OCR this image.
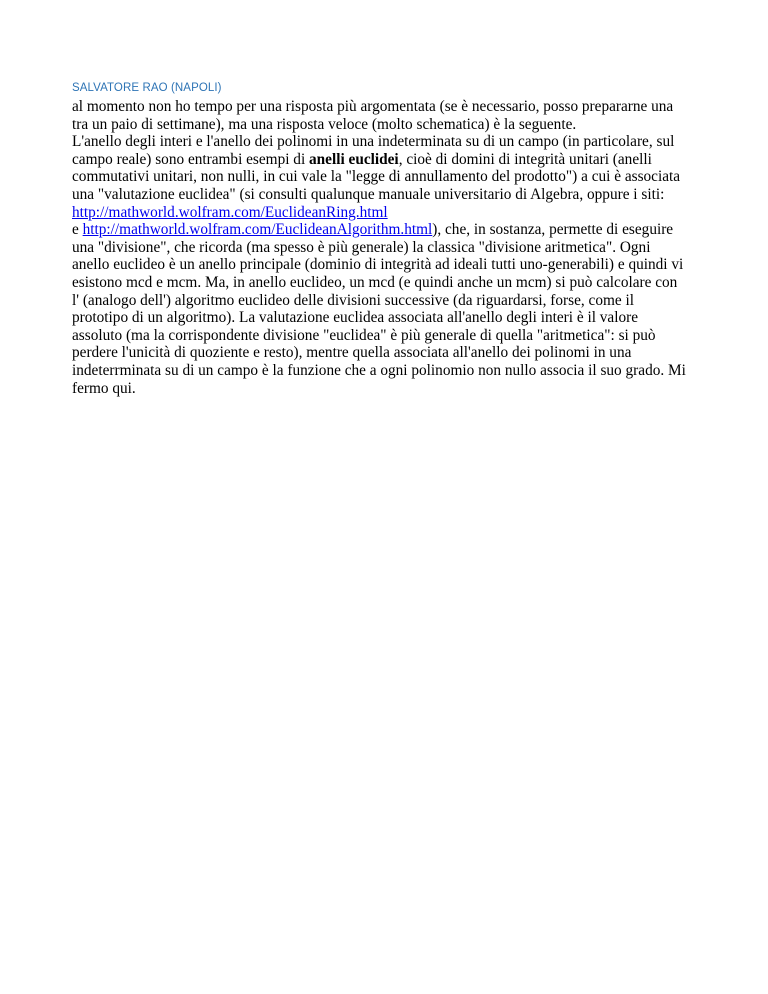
SALVATORE RAO (NAPOLI)

al momento non ho tempo per una risposta più argomentata (se è necessario, posso prepararne una
tra un paio di settimane), ma una risposta veloce (molto schematica) è la seguente.
L'anello degli interi e l'anello dei polinomi in una indeterminata su di un campo (in particolare, sul
campo reale) sono entrambi esempi di anelli euclidei, cioè di domini di integrità unitari (anelli
commutativi unitari, non nulli, in cui vale la "legge di annullamento del prodotto") a cui è associata
una "valutazione euclidea" (si consulti qualunque manuale universitario di Algebra, oppure i siti:
http://mathworld.wolfram.com/EuclideanRing.html
e http://mathworld.wolfram.com/EuclideanAlgorithm.html), che, in sostanza, permette di eseguire
una "divisione", che ricorda (ma spesso è più generale) la classica "divisione aritmetica". Ogni
anello euclideo è un anello principale (dominio di integrità ad ideali tutti uno-generabili) e quindi vi
esistono mcd e mcm. Ma, in anello euclideo, un mcd (e quindi anche un mcm) si può calcolare con
l' (analogo dell') algoritmo euclideo delle divisioni successive (da riguardarsi, forse, come il
prototipo di un algoritmo). La valutazione euclidea associata all'anello degli interi è il valore
assoluto (ma la corrispondente divisione "euclidea" è più generale di quella "aritmetica": si può
perdere l'unicità di quoziente e resto), mentre quella associata all'anello dei polinomi in una
indeterrminata su di un campo è la funzione che a ogni polinomio non nullo associa il suo grado. Mi
fermo qui.
